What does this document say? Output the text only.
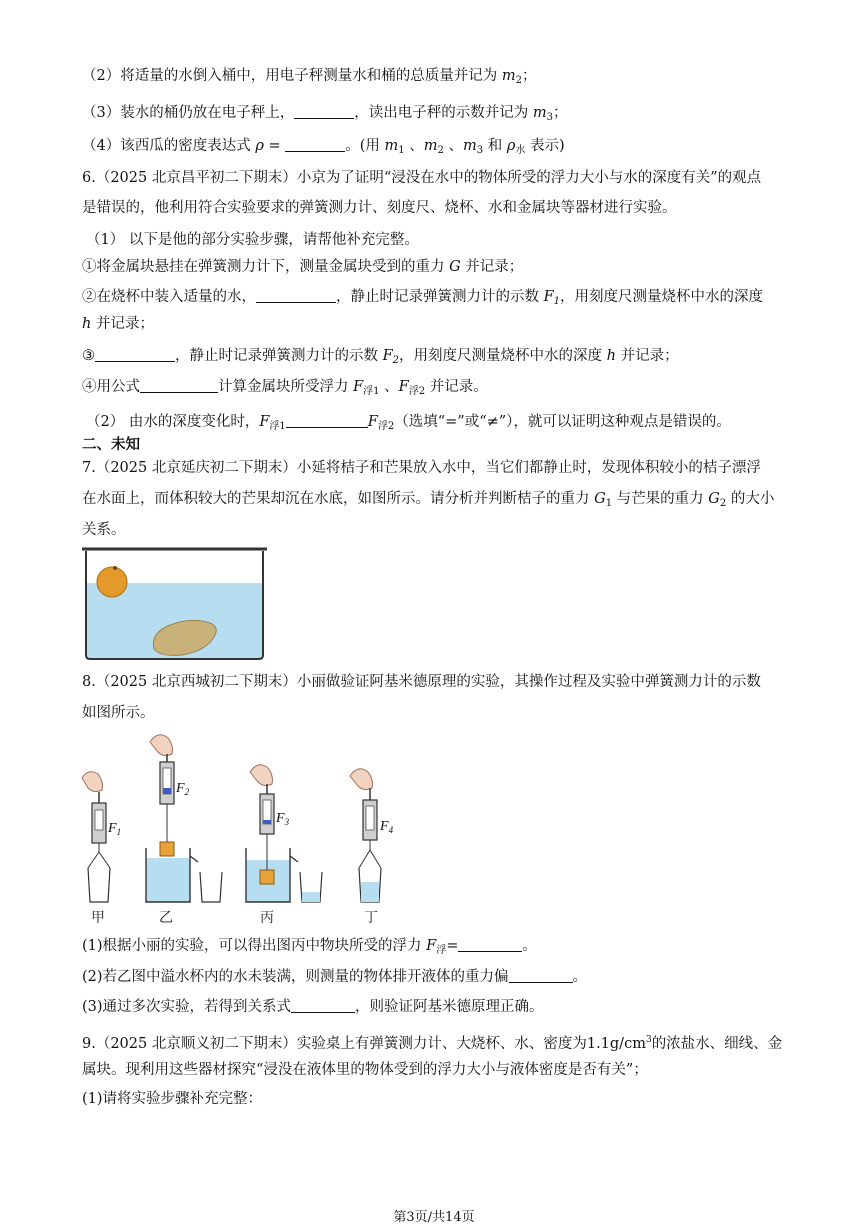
（2）将适量的水倒入桶中，用电子秤测量水和桶的总质量并记为 $m_2$；
（3）装水的桶仍放在电子秤上，	，读出电子秤的示数并记为 $m_3$；
（4）该西瓜的密度表达式 ρ =	。(用 $m_1$ 、$m_2$ 、$m_3$ 和 $\rho_水$ 表示)
6.（2025 北京昌平初二下期末）小京为了证明“浸没在水中的物体所受的浮力大小与水的深度有关”的观点
是错误的，他利用符合实验要求的弹簧测力计、刻度尺、烧杯、水和金属块等器材进行实验。
（1） 以下是他的部分实验步骤，请帮他补充完整。
①将金属块悬挂在弹簧测力计下，测量金属块受到的重力 G 并记录；
②在烧杯中装入适量的水，	，静止时记录弹簧测力计的示数 $F_1$，用刻度尺测量烧杯中水的深度
h 并记录；
③	，静止时记录弹簧测力计的示数 $F_2$，用刻度尺测量烧杯中水的深度 h 并记录；
④用公式	计算金属块所受浮力 $F_{浮1}$ 、$F_{浮2}$ 并记录。
（2） 由水的深度变化时，$F_{浮1}$	$F_{浮2}$（选填“=”或“≠”），就可以证明这种观点是错误的。
二、未知
7.（2025 北京延庆初二下期末）小延将桔子和芒果放入水中，当它们都静止时，发现体积较小的桔子漂浮
在水面上，而体积较大的芒果却沉在水底，如图所示。请分析并判断桔子的重力 $G_1$ 与芒果的重力 $G_2$ 的大小
关系。
8.（2025 北京西城初二下期末）小丽做验证阿基米德原理的实验，其操作过程及实验中弹簧测力计的示数
如图所示。
$F_1$
$F_2$
$F_3$	$F_4$
甲	乙	丙	丁
(1)根据小丽的实验，可以得出图丙中物块所受的浮力 $F_浮=$	。
(2)若乙图中溢水杯内的水未装满，则测量的物体排开液体的重力偏	。
(3)通过多次实验，若得到关系式	，则验证阿基米德原理正确。
9.（2025 北京顺义初二下期末）实验桌上有弹簧测力计、大烧杯、水、密度为$1.1g/cm^3$的浓盐水、细线、金
属块。现利用这些器材探究“浸没在液体里的物体受到的浮力大小与液体密度是否有关”；
(1)请将实验步骤补充完整：
第3页/共14页
